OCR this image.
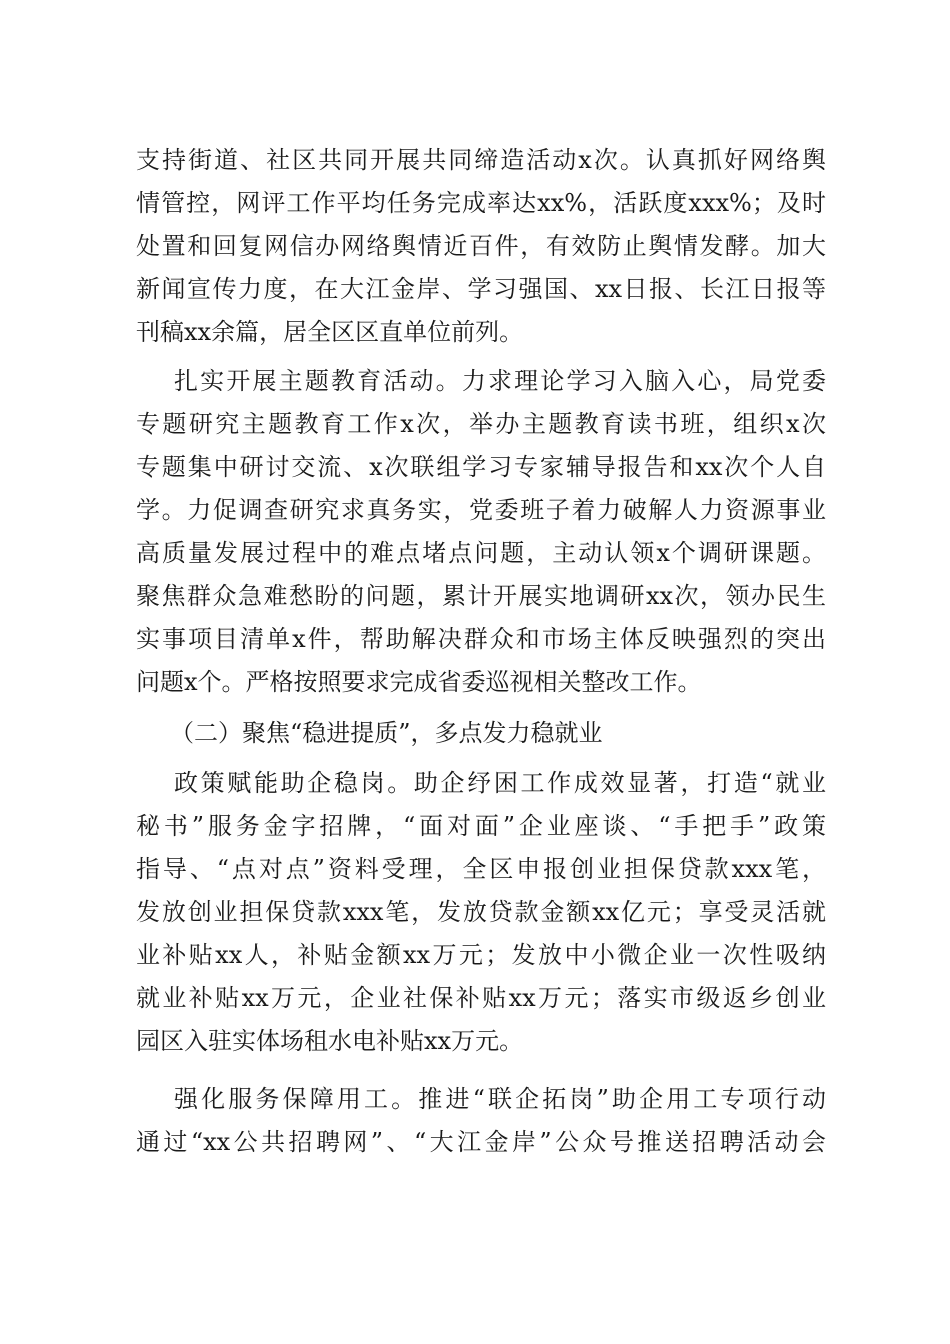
支持街道、社区共同开展共同缔造活动x次。认真抓好网络舆
情管控，网评工作平均任务完成率达xx%，活跃度xxx%；及时
处置和回复网信办网络舆情近百件，有效防止舆情发酵。加大
新闻宣传力度，在大江金岸、学习强国、xx日报、长江日报等
刊稿xx余篇，居全区区直单位前列。
扎实开展主题教育活动。力求理论学习入脑入心，局党委
专题研究主题教育工作x次，举办主题教育读书班，组织x次
专题集中研讨交流、x次联组学习专家辅导报告和xx次个人自
学。力促调查研究求真务实，党委班子着力破解人力资源事业
高质量发展过程中的难点堵点问题，主动认领x个调研课题。
聚焦群众急难愁盼的问题，累计开展实地调研xx次，领办民生
实事项目清单x件，帮助解决群众和市场主体反映强烈的突出
问题x个。严格按照要求完成省委巡视相关整改工作。
（二）聚焦“稳进提质”，多点发力稳就业
政策赋能助企稳岗。助企纾困工作成效显著，打造“就业
秘书”服务金字招牌，“面对面”企业座谈、“手把手”政策
指导、“点对点”资料受理，全区申报创业担保贷款xxx笔，
发放创业担保贷款xxx笔，发放贷款金额xx亿元；享受灵活就
业补贴xx人，补贴金额xx万元；发放中小微企业一次性吸纳
就业补贴xx万元，企业社保补贴xx万元；落实市级返乡创业
园区入驻实体场租水电补贴xx万元。
强化服务保障用工。推进“联企拓岗”助企用工专项行动
通过“xx公共招聘网”、“大江金岸”公众号推送招聘活动会
